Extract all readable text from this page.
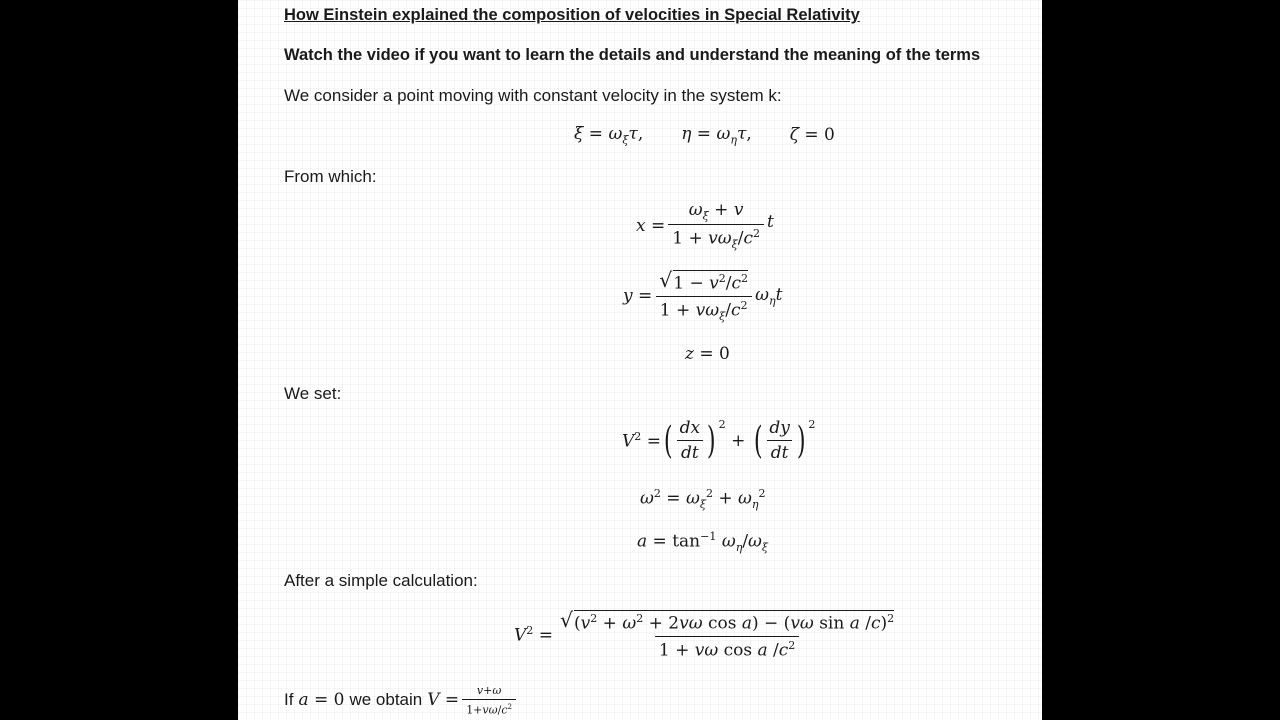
How Einstein explained the composition of velocities in Special Relativity
Watch the video if you want to learn the details and understand the meaning of the terms
We consider a point moving with constant velocity in the system k:
$\xi = \omega_\xi\tau$, $\eta = \omega_\eta\tau$, ζ = 0
From which:
$x = \frac{\omega_\xi + v}{1 + v\omega_\xi/c^2}$ t
$y = \frac{√ 1 - v^2/c^2}{1 + v\omega_\xi/c^2} \omega_\eta t$
z = 0
We set:
$V^2$ = ( $\frac{dx}{dt}$ ) $^2$
+ ( $\frac{dy}{dt}$ ) $^2$
$\omega^2 = \omega_\xi^2 + \omega_\eta^2$
$a = \tan^{-1} \omega_\eta/\omega_\xi$
After a simple calculation:
$V^2 = \frac{√ (v^2 + \omega^2 + 2v\omega \cos a) - (v\omega \sin a /c)^2}{1 + v\omega \cos a /c^2}$
If a = 0 we obtain $V = \frac{v+\omega}{1+v\omega/c^2}$
